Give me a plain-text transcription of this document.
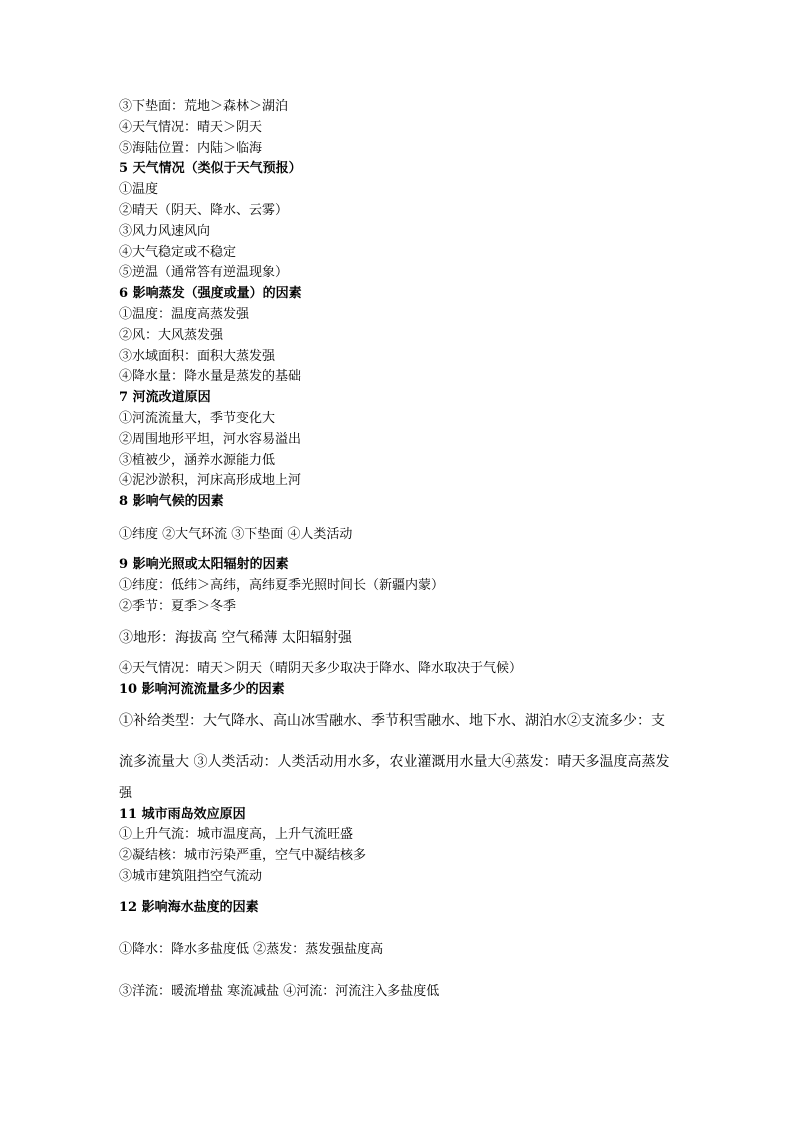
③下垫面：荒地＞森林＞湖泊
④天气情况：晴天＞阴天
⑤海陆位置：内陆＞临海
5 天气情况（类似于天气预报）
①温度
②晴天（阴天、降水、云雾）
③风力风速风向
④大气稳定或不稳定
⑤逆温（通常答有逆温现象）
6 影响蒸发（强度或量）的因素
①温度：温度高蒸发强
②风：大风蒸发强
③水域面积：面积大蒸发强
④降水量：降水量是蒸发的基础
7 河流改道原因
①河流流量大，季节变化大
②周围地形平坦，河水容易溢出
③植被少，涵养水源能力低
④泥沙淤积，河床高形成地上河
8 影响气候的因素
①纬度 ②大气环流 ③下垫面 ④人类活动
9 影响光照或太阳辐射的因素
①纬度：低纬＞高纬，高纬夏季光照时间长（新疆内蒙）
②季节：夏季＞冬季
③地形：海拔高 空气稀薄 太阳辐射强
④天气情况：晴天＞阴天（晴阴天多少取决于降水、降水取决于气候）
10 影响河流流量多少的因素
①补给类型：大气降水、高山冰雪融水、季节积雪融水、地下水、湖泊水②支流多少：支
流多流量大 ③人类活动：人类活动用水多，农业灌溉用水量大④蒸发：晴天多温度高蒸发
强
11 城市雨岛效应原因
①上升气流：城市温度高，上升气流旺盛
②凝结核：城市污染严重，空气中凝结核多
③城市建筑阻挡空气流动
12 影响海水盐度的因素
①降水：降水多盐度低 ②蒸发：蒸发强盐度高
③洋流：暖流增盐 寒流减盐 ④河流：河流注入多盐度低
